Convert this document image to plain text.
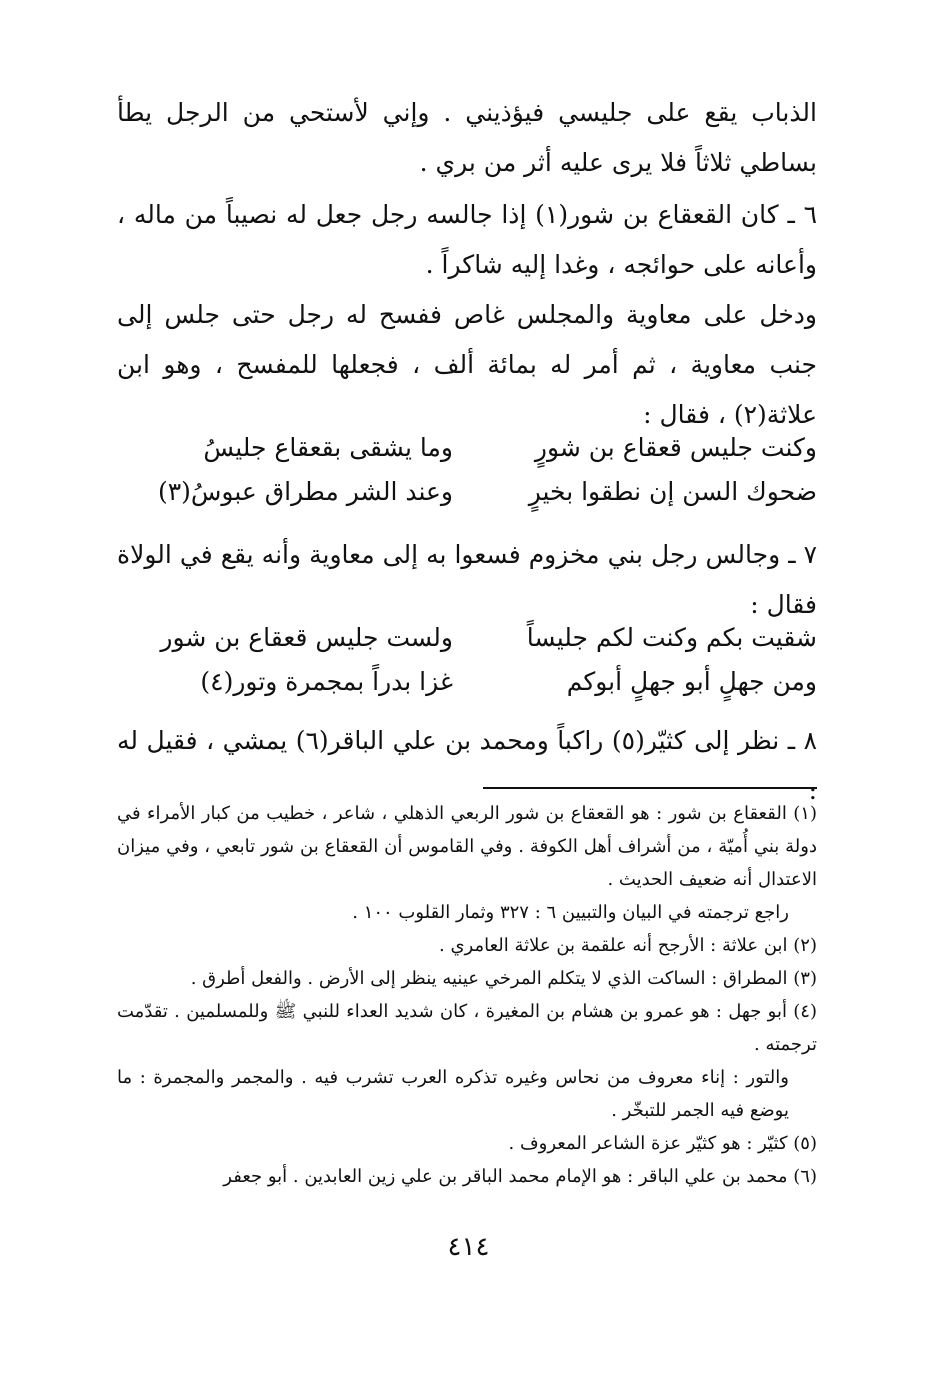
الذباب يقع على جليسي فيؤذيني . وإني لأستحي من الرجل يطأ بساطي ثلاثاً فلا يرى عليه أثر من بري .

٦ ـ كان القعقاع بن شور(١) إذا جالسه رجل جعل له نصيباً من ماله ، وأعانه على حوائجه ، وغدا إليه شاكراً .

ودخل على معاوية والمجلس غاص ففسح له رجل حتى جلس إلى جنب معاوية ، ثم أمر له بمائة ألف ، فجعلها للمفسح ، وهو ابن علاثة(٢) ، فقال :

وكنت جليس قعقاع بن شورٍ
وما يشقى بقعقاع جليسُ
ضحوك السن إن نطقوا بخيرٍ
وعند الشر مطراق عبوسُ(٣)

٧ ـ وجالس رجل بني مخزوم فسعوا به إلى معاوية وأنه يقع في الولاة فقال :

شقيت بكم وكنت لكم جليساً
ولست جليس قعقاع بن شور
ومن جهلٍ أبو جهلٍ أبوكم
غزا بدراً بمجمرة وتور(٤)

٨ ـ نظر إلى كثيّر(٥) راكباً ومحمد بن علي الباقر(٦) يمشي ، فقيل له :

(١) القعقاع بن شور : هو القعقاع بن شور الربعي الذهلي ، شاعر ، خطيب من كبار الأمراء في دولة بني أُميّة ، من أشراف أهل الكوفة . وفي القاموس أن القعقاع بن شور تابعي ، وفي ميزان الاعتدال أنه ضعيف الحديث .

راجع ترجمته في البيان والتبيين ٦ : ٣٢٧ وثمار القلوب ١٠٠ .

(٢) ابن علاثة : الأرجح أنه علقمة بن علاثة العامري .

(٣) المطراق : الساكت الذي لا يتكلم المرخي عينيه ينظر إلى الأرض . والفعل أطرق .

(٤) أبو جهل : هو عمرو بن هشام بن المغيرة ، كان شديد العداء للنبي ﷺ وللمسلمين . تقدّمت ترجمته .

والتور : إناء معروف من نحاس وغيره تذكره العرب تشرب فيه . والمجمر والمجمرة : ما يوضع فيه الجمر للتبخّر .

(٥) كثيّر : هو كثيّر عزة الشاعر المعروف .

(٦) محمد بن علي الباقر : هو الإمام محمد الباقر بن علي زين العابدين . أبو جعفر

٤١٤
